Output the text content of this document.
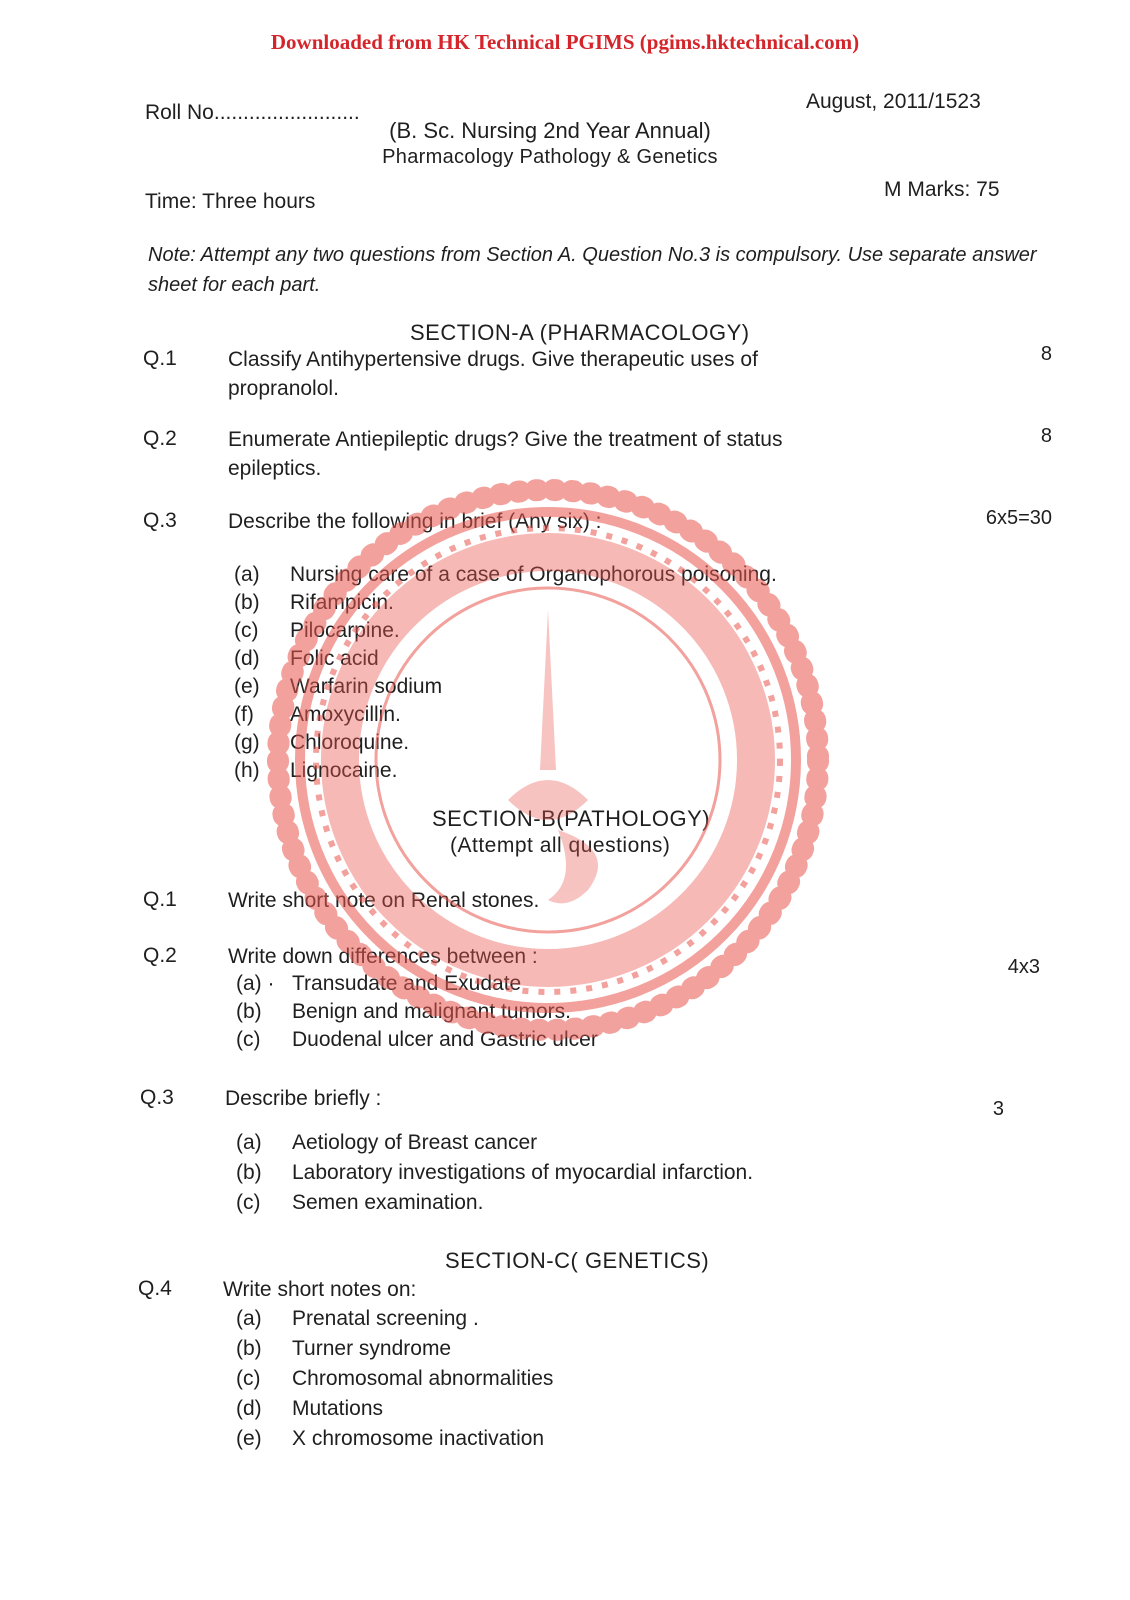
Downloaded from HK Technical PGIMS (pgims.hktechnical.com)
Roll No.........................	August, 2011/1523
(B. Sc. Nursing 2nd Year Annual)
Pharmacology Pathology & Genetics
Time: Three hours
M Marks: 75
Note: Attempt any two questions from Section A. Question No.3 is compulsory. Use separate answer sheet for each part.
SECTION-A (PHARMACOLOGY)
Q.1 Classify Antihypertensive drugs. Give therapeutic uses of propranolol.
8
Q.2 Enumerate Antiepileptic drugs? Give the treatment of status epileptics.
8
Q.3 Describe the following in brief (Any six) :	6x5=30
(a) Nursing care of a case of Organophorous poisoning.
(b) Rifampicin.
(c) Pilocarpine.
(d) Folic acid
(e) Warfarin sodium
(f) Amoxycillin.
(g) Chloroquine.
(h) Lignocaine.
SECTION-B(PATHOLOGY)
(Attempt all questions)
Q.1 Write short note on Renal stones.
Q.2 Write down differences between :	4x3
(a) · Transudate and Exudate
(b) Benign and malignant tumors.
(c) Duodenal ulcer and Gastric ulcer
Q.3 Describe briefly :	3
(a) Aetiology of Breast cancer
(b) Laboratory investigations of myocardial infarction.
(c) Semen examination.
SECTION-C( GENETICS)
Q.4 Write short notes on:
(a) Prenatal screening .
(b) Turner syndrome
(c) Chromosomal abnormalities
(d) Mutations
(e) X chromosome inactivation
